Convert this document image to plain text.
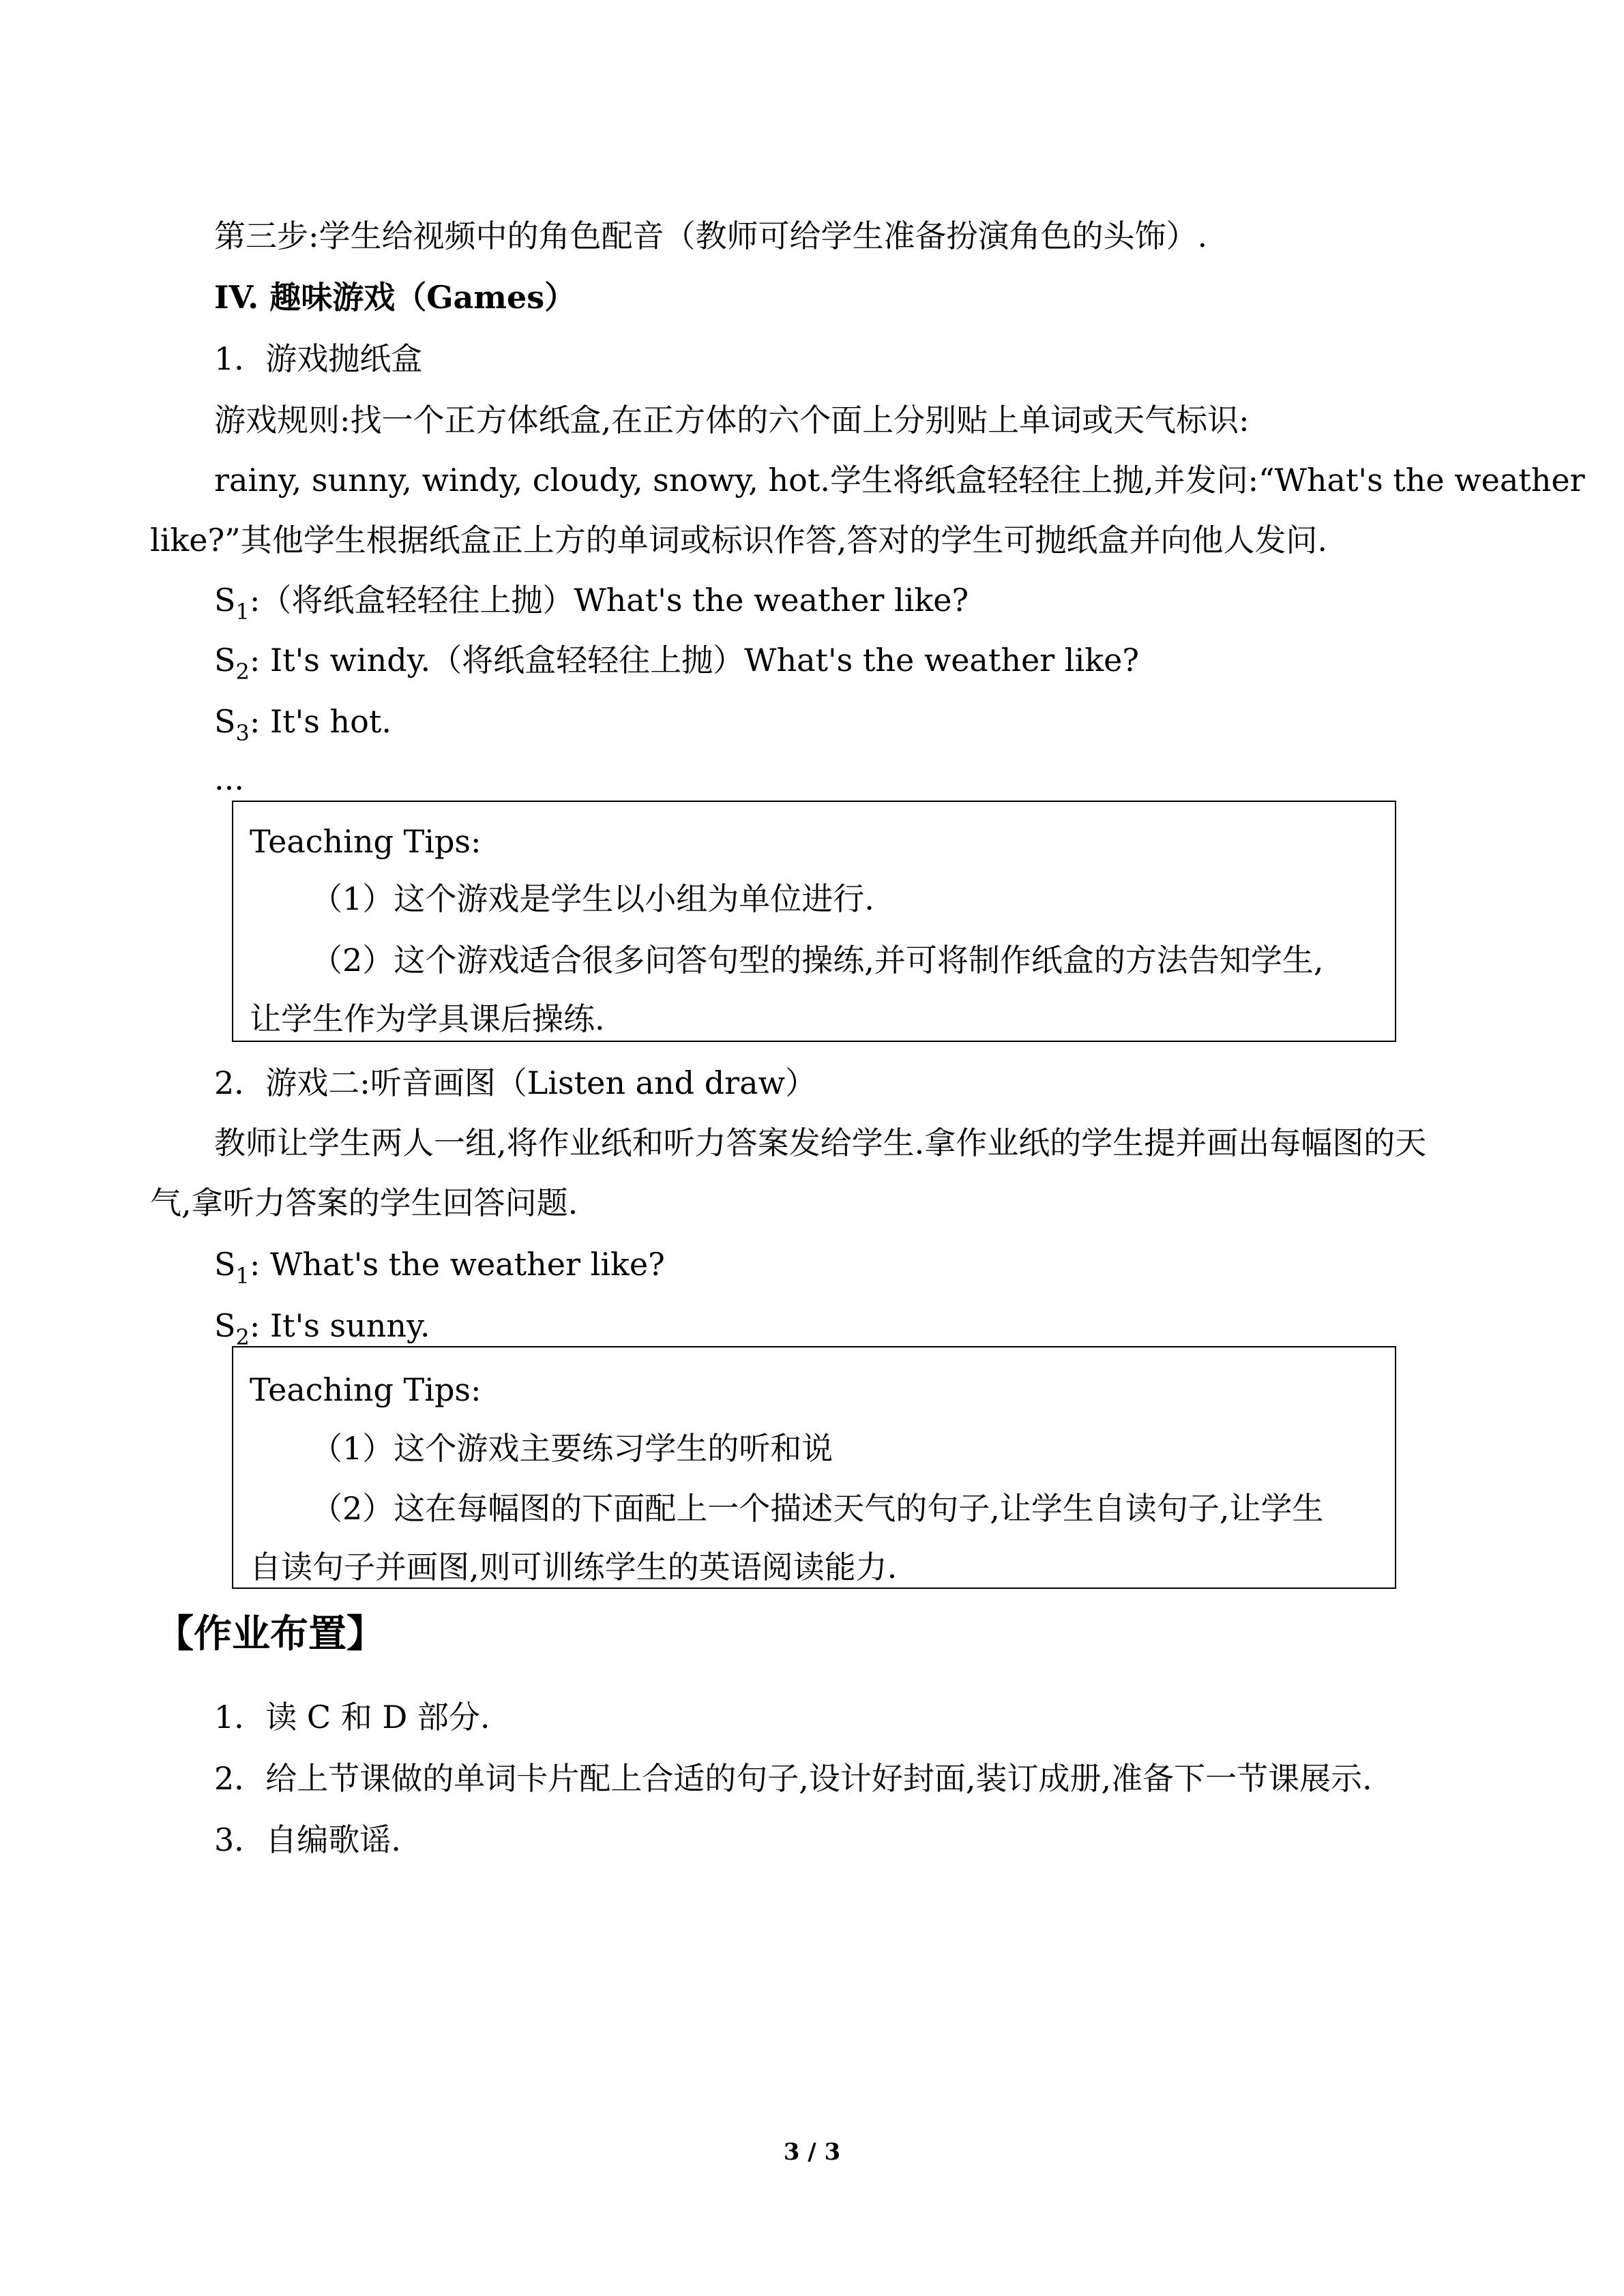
第三步:学生给视频中的角色配音（教师可给学生准备扮演角色的头饰）.
IV. 趣味游戏（Games）
1．游戏抛纸盒
游戏规则:找一个正方体纸盒,在正方体的六个面上分别贴上单词或天气标识:
rainy, sunny, windy, cloudy, snowy, hot.学生将纸盒轻轻往上抛,并发问:“What's the weather
like?”其他学生根据纸盒正上方的单词或标识作答,答对的学生可抛纸盒并向他人发问.
$S_1$:（将纸盒轻轻往上抛）What's the weather like?
$S_2$: It's windy.（将纸盒轻轻往上抛）What's the weather like?
$S_3$: It's hot.
...
Teaching Tips:
（1）这个游戏是学生以小组为单位进行.
（2）这个游戏适合很多问答句型的操练,并可将制作纸盒的方法告知学生,
让学生作为学具课后操练.
2．游戏二:听音画图（Listen and draw）
教师让学生两人一组,将作业纸和听力答案发给学生.拿作业纸的学生提并画出每幅图的天
气,拿听力答案的学生回答问题.
$S_1$: What's the weather like?
$S_2$: It's sunny.
Teaching Tips:
（1）这个游戏主要练习学生的听和说
（2）这在每幅图的下面配上一个描述天气的句子,让学生自读句子,让学生
自读句子并画图,则可训练学生的英语阅读能力.
【作业布置】
1．读 C 和 D 部分.
2．给上节课做的单词卡片配上合适的句子,设计好封面,装订成册,准备下一节课展示.
3．自编歌谣.
3 / 3
